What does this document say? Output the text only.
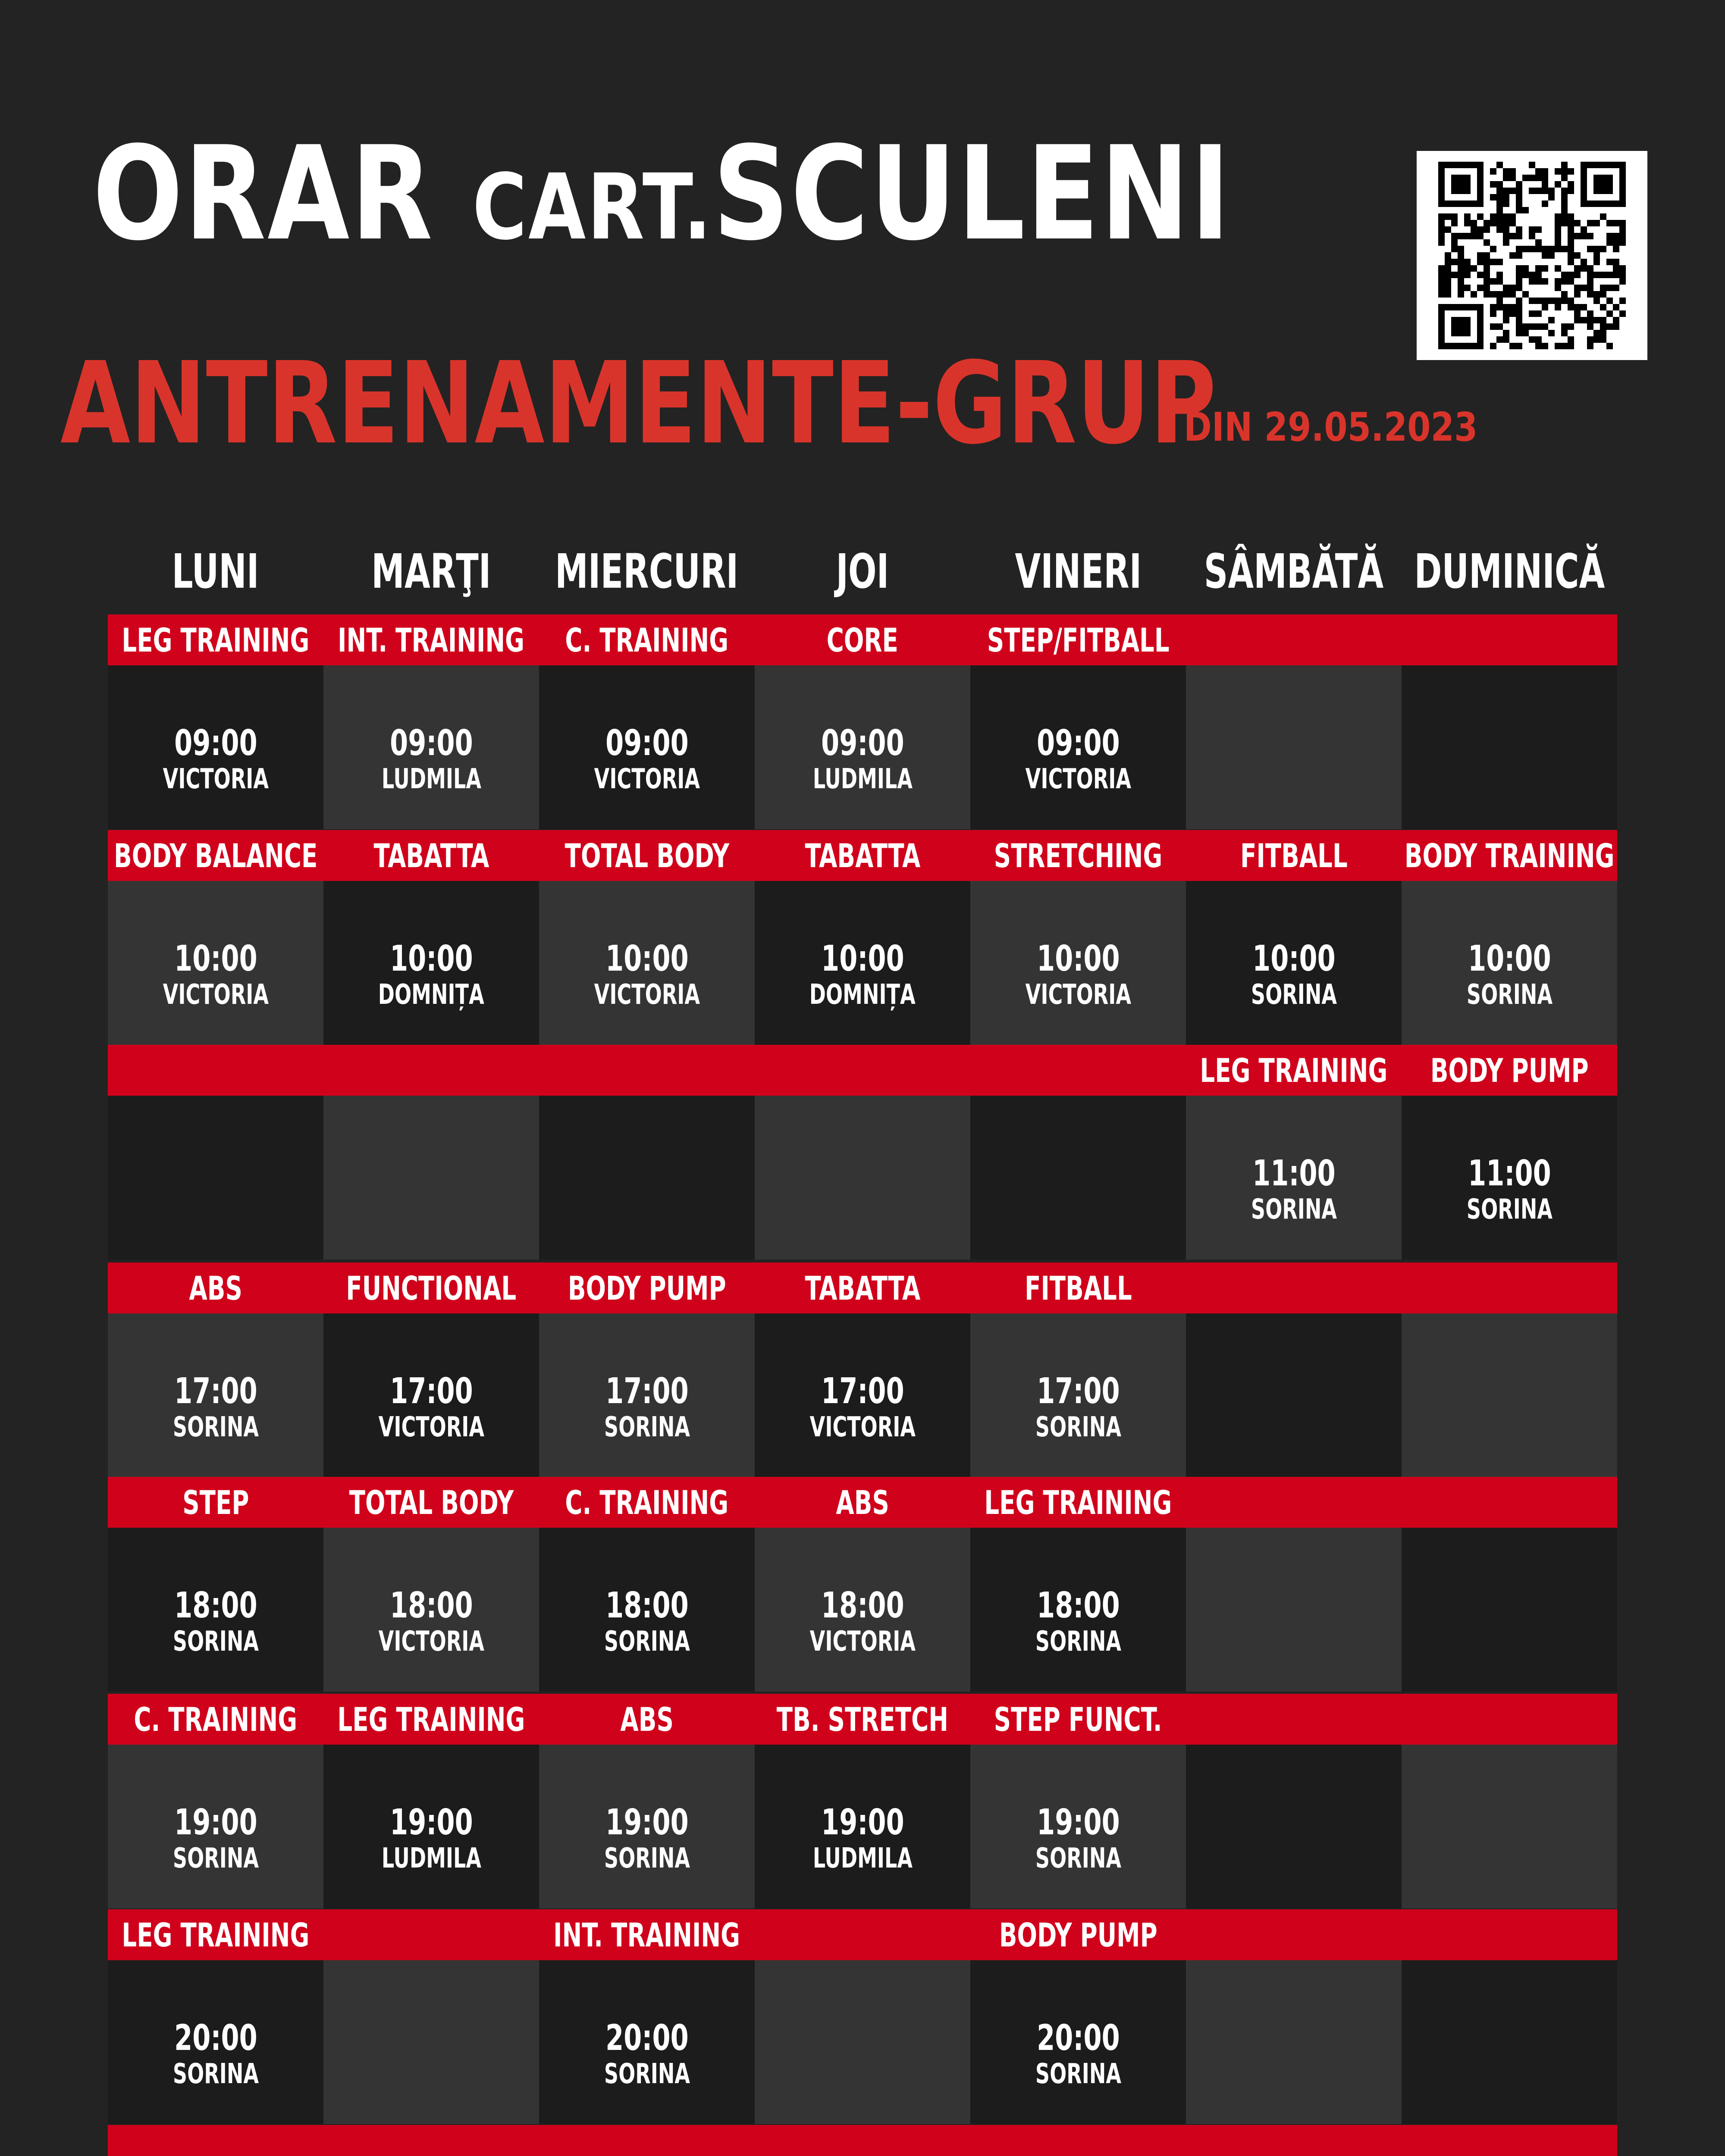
ORAR CART.SCULENI
ANTRENAMENTE-GRUP
DIN 29.05.2023
LUNI MARŢI MIERCURI JOI	VINERI SÂMBĂTĂ DUMINICĂ
LEG TRAINING
09:00
VICTORIA
INT. TRAINING
09:00
LUDMILA
C. TRAINING
09:00
VICTORIA
CORE
09:00
LUDMILA
STEP/FITBALL
09:00
VICTORIA
BODY BALANCE
10:00
VICTORIA
TABATTA
10:00
DOMNIȚA
TOTAL BODY
10:00
VICTORIA
TABATTA
10:00
DOMNIȚA
STRETCHING
10:00
VICTORIA
FITBALL
10:00
SORINA
BODY TRAINING
10:00
SORINA
LEG TRAINING
11:00
SORINA
BODY PUMP
11:00
SORINA
ABS
17:00
SORINA
FUNCTIONAL
17:00
VICTORIA
BODY PUMP
17:00
SORINA
TABATTA
17:00
VICTORIA
FITBALL
17:00
SORINA
STEP
18:00
SORINA
TOTAL BODY
18:00
VICTORIA
C. TRAINING
18:00
SORINA
ABS
18:00
VICTORIA
LEG TRAINING
18:00
SORINA
C. TRAINING
19:00
SORINA
LEG TRAINING
19:00
LUDMILA
ABS
19:00
SORINA
TB. STRETCH
19:00
LUDMILA
STEP FUNCT.
19:00
SORINA
LEG TRAINING
20:00
SORINA
INT. TRAINING
20:00
SORINA
BODY PUMP
20:00
SORINA
